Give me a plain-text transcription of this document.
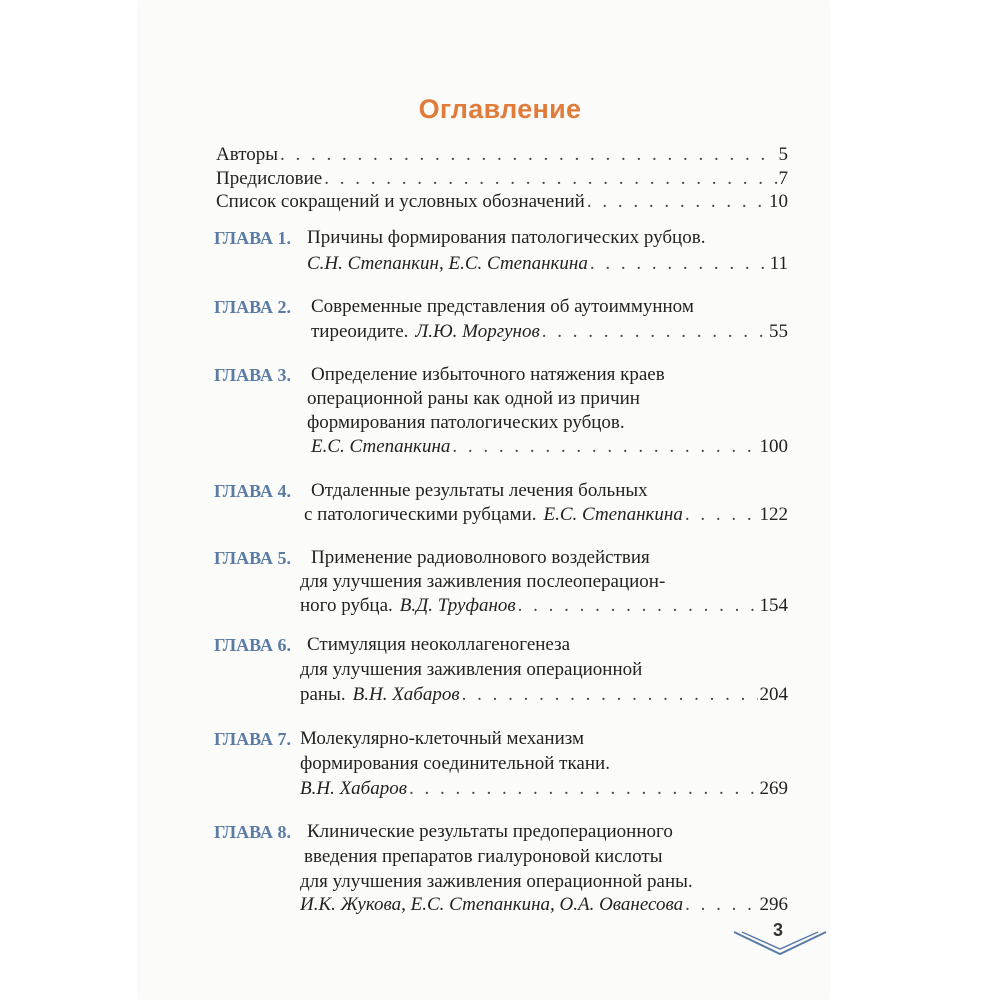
Оглавление
Авторы . . .	5
Предисловие . . .	7
Список сокращений и условных обозначений . . .	10
ГЛАВА 1. Причины формирования патологических рубцов.
С.Н. Степанкин, Е.С. Степанкина . . .	11
ГЛАВА 2. Современные представления об аутоиммунном
тиреоидите. Л.Ю. Моргунов . . .	55
ГЛАВА 3. Определение избыточного натяжения краев
операционной раны как одной из причин
формирования патологических рубцов.
Е.С. Степанкина . . .	100
ГЛАВА 4. Отдаленные результаты лечения больных
с патологическими рубцами. Е.С. Степанкина . . .	122
ГЛАВА 5. Применение радиоволнового воздействия
для улучшения заживления послеоперацион-
ного рубца. В.Д. Труфанов . . .	154
ГЛАВА 6. Стимуляция неоколлагеногенеза
для улучшения заживления операционной
раны. В.Н. Хабаров . . .	204
ГЛАВА 7. Молекулярно-клеточный механизм
формирования соединительной ткани.
В.Н. Хабаров . . .	269
ГЛАВА 8. Клинические результаты предоперационного
введения препаратов гиалуроновой кислоты
для улучшения заживления операционной раны.
И.К. Жукова, Е.С. Степанкина, О.А. Ованесова . . .	296
3
